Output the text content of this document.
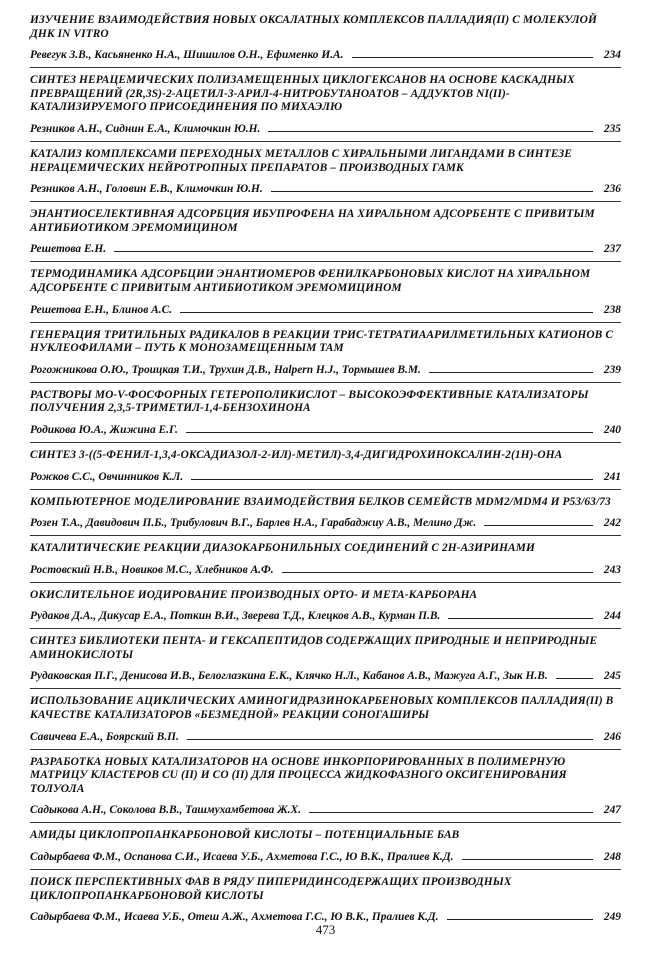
ИЗУЧЕНИЕ ВЗАИМОДЕЙСТВИЯ НОВЫХ ОКСАЛАТНЫХ КОМПЛЕКСОВ ПАЛЛАДИЯ(II) С МОЛЕКУЛОЙ ДНК IN VITRO
Ревегук З.В., Касьяненко Н.А., Шишилов О.Н., Ефименко И.А.	234
СИНТЕЗ НЕРАЦЕМИЧЕСКИХ ПОЛИЗАМЕЩЕННЫХ ЦИКЛОГЕКСАНОВ НА ОСНОВЕ КАСКАДНЫХ ПРЕВРАЩЕНИЙ (2R,3S)-2-АЦЕТИЛ-3-АРИЛ-4-НИТРОБУТАНОАТОВ – АДДУКТОВ NI(II)-КАТАЛИЗИРУЕМОГО ПРИСОЕДИНЕНИЯ ПО МИХАЭЛЮ
Резников А.Н., Сиднин Е.А., Климочкин Ю.Н.	235
КАТАЛИЗ КОМПЛЕКСАМИ ПЕРЕХОДНЫХ МЕТАЛЛОВ С ХИРАЛЬНЫМИ ЛИГАНДАМИ В СИНТЕЗЕ НЕРАЦЕМИЧЕСКИХ НЕЙРОТРОПНЫХ ПРЕПАРАТОВ – ПРОИЗВОДНЫХ ГАМК
Резников А.Н., Головин Е.В., Климочкин Ю.Н.	236
ЭНАНТИОСЕЛЕКТИВНАЯ АДСОРБЦИЯ ИБУПРОФЕНА НА ХИРАЛЬНОМ АДСОРБЕНТЕ С ПРИВИТЫМ АНТИБИОТИКОМ ЭРЕМОМИЦИНОМ
Решетова Е.Н.	237
ТЕРМОДИНАМИКА АДСОРБЦИИ ЭНАНТИОМЕРОВ ФЕНИЛКАРБОНОВЫХ КИСЛОТ НА ХИРАЛЬНОМ АДСОРБЕНТЕ С ПРИВИТЫМ АНТИБИОТИКОМ ЭРЕМОМИЦИНОМ
Решетова Е.Н., Блинов А.С.	238
ГЕНЕРАЦИЯ ТРИТИЛЬНЫХ РАДИКАЛОВ В РЕАКЦИИ ТРИС-ТЕТРАТИААРИЛМЕТИЛЬНЫХ КАТИОНОВ С НУКЛЕОФИЛАМИ – ПУТЬ К МОНОЗАМЕЩЕННЫМ ТАМ
Рогожникова О.Ю., Троицкая Т.И., Трухин Д.В., Halpern H.J., Тормышев В.М.	239
РАСТВОРЫ MO-V-ФОСФОРНЫХ ГЕТЕРОПОЛИКИСЛОТ – ВЫСОКОЭФФЕКТИВНЫЕ КАТАЛИЗАТОРЫ ПОЛУЧЕНИЯ 2,3,5-ТРИМЕТИЛ-1,4-БЕНЗОХИНОНА
Родикова Ю.А., Жижина Е.Г.	240
СИНТЕЗ 3-((5-ФЕНИЛ-1,3,4-ОКСАДИАЗОЛ-2-ИЛ)-МЕТИЛ)-3,4-ДИГИДРОХИНОКСАЛИН-2(1H)-ОНА
Рожков С.С., Овчинников К.Л.	241
КОМПЬЮТЕРНОЕ МОДЕЛИРОВАНИЕ ВЗАИМОДЕЙСТВИЯ БЕЛКОВ СЕМЕЙСТВ MDM2/MDM4 И P53/63/73
Розен Т.А., Давидович П.Б., Трибулович В.Г., Барлев Н.А., Гарабаджиу А.В., Мелино Дж.	242
КАТАЛИТИЧЕСКИЕ РЕАКЦИИ ДИАЗОКАРБОНИЛЬНЫХ СОЕДИНЕНИЙ С 2Н-АЗИРИНАМИ
Ростовский Н.В., Новиков М.С., Хлебников А.Ф.	243
ОКИСЛИТЕЛЬНОЕ ИОДИРОВАНИЕ ПРОИЗВОДНЫХ ОРТО- И МЕТА-КАРБОРАНА
Рудаков Д.А., Дикусар Е.А., Поткин В.И., Зверева Т.Д., Клецков А.В., Курман П.В.	244
СИНТЕЗ БИБЛИОТЕКИ ПЕНТА- И ГЕКСАПЕПТИДОВ СОДЕРЖАЩИХ ПРИРОДНЫЕ И НЕПРИРОДНЫЕ АМИНОКИСЛОТЫ
Рудаковская П.Г., Денисова И.В., Белоглазкина Е.К., Клячко Н.Л., Кабанов А.В., Мажуга А.Г., Зык Н.В.	245
ИСПОЛЬЗОВАНИЕ АЦИКЛИЧЕСКИХ АМИНОГИДРАЗИНОКАРБЕНОВЫХ КОМПЛЕКСОВ ПАЛЛАДИЯ(II) В КАЧЕСТВЕ КАТАЛИЗАТОРОВ «БЕЗМЕДНОЙ» РЕАКЦИИ СОНОГАШИРЫ
Савичева Е.А., Боярский В.П.	246
РАЗРАБОТКА НОВЫХ КАТАЛИЗАТОРОВ НА ОСНОВЕ ИНКОРПОРИРОВАННЫХ В ПОЛИМЕРНУЮ МАТРИЦУ КЛАСТЕРОВ CU (II) И CO (II) ДЛЯ ПРОЦЕССА ЖИДКОФАЗНОГО ОКСИГЕНИРОВАНИЯ ТОЛУОЛА
Садыкова А.Н., Соколова В.В., Ташмухамбетова Ж.Х.	247
АМИДЫ ЦИКЛОПРОПАНКАРБОНОВОЙ КИСЛОТЫ – ПОТЕНЦИАЛЬНЫЕ БАВ
Садырбаева Ф.М., Оспанова С.И., Исаева У.Б., Ахметова Г.С., Ю В.К., Пралиев К.Д.	248
ПОИСК ПЕРСПЕКТИВНЫХ ФАВ В РЯДУ ПИПЕРИДИНСОДЕРЖАЩИХ ПРОИЗВОДНЫХ ЦИКЛОПРОПАНКАРБОНОВОЙ КИСЛОТЫ
Садырбаева Ф.М., Исаева У.Б., Отеш А.Ж., Ахметова Г.С., Ю В.К., Пралиев К.Д.	249
473
